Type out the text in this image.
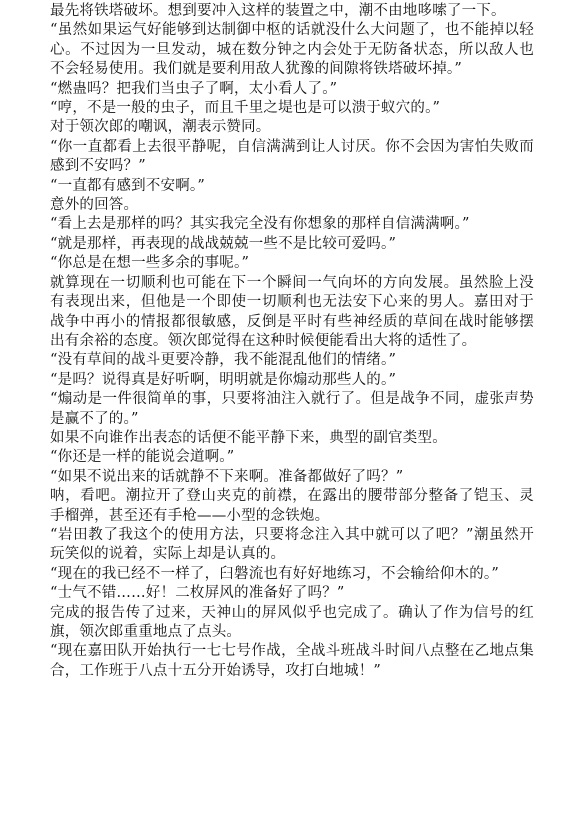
最先将铁塔破坏。想到要冲入这样的装置之中，潮不由地哆嗦了一下。

“虽然如果运气好能够到达制御中枢的话就没什么大问题了，也不能掉以轻心。不过因为一旦发动，城在数分钟之内会处于无防备状态，所以敌人也不会轻易使用。我们就是要利用敌人犹豫的间隙将铁塔破坏掉。”

“燃蛊吗？把我们当虫子了啊，太小看人了。”

“哼，不是一般的虫子，而且千里之堤也是可以溃于蚁穴的。”

对于领次郎的嘲讽，潮表示赞同。

“你一直都看上去很平静呢，自信满满到让人讨厌。你不会因为害怕失败而感到不安吗？”

“一直都有感到不安啊。”

意外的回答。

“看上去是那样的吗？其实我完全没有你想象的那样自信满满啊。”

“就是那样，再表现的战战兢兢一些不是比较可爱吗。”

“你总是在想一些多余的事呢。”

就算现在一切顺利也可能在下一个瞬间一气向坏的方向发展。虽然脸上没有表现出来，但他是一个即使一切顺利也无法安下心来的男人。嘉田对于战争中再小的情报都很敏感，反倒是平时有些神经质的草间在战时能够摆出有余裕的态度。领次郎觉得在这种时候便能看出大将的适性了。

“没有草间的战斗更要冷静，我不能混乱他们的情绪。”

“是吗？说得真是好听啊，明明就是你煽动那些人的。”

“煽动是一件很简单的事，只要将油注入就行了。但是战争不同，虚张声势是赢不了的。”

如果不向谁作出表态的话便不能平静下来，典型的副官类型。

“你还是一样的能说会道啊。”

“如果不说出来的话就静不下来啊。准备都做好了吗？”

呐，看吧。潮拉开了登山夹克的前襟，在露出的腰带部分整备了铠玉、灵手榴弹，甚至还有手枪——小型的念铁炮。

“岩田教了我这个的使用方法，只要将念注入其中就可以了吧？”潮虽然开玩笑似的说着，实际上却是认真的。

“现在的我已经不一样了，臼磐流也有好好地练习，不会输给仰木的。”

“士气不错……好！二枚屏风的准备好了吗？”

完成的报告传了过来，天神山的屏风似乎也完成了。确认了作为信号的红旗，领次郎重重地点了点头。

“现在嘉田队开始执行一七七号作战，全战斗班战斗时间八点整在乙地点集合，工作班于八点十五分开始诱导，攻打白地城！”
